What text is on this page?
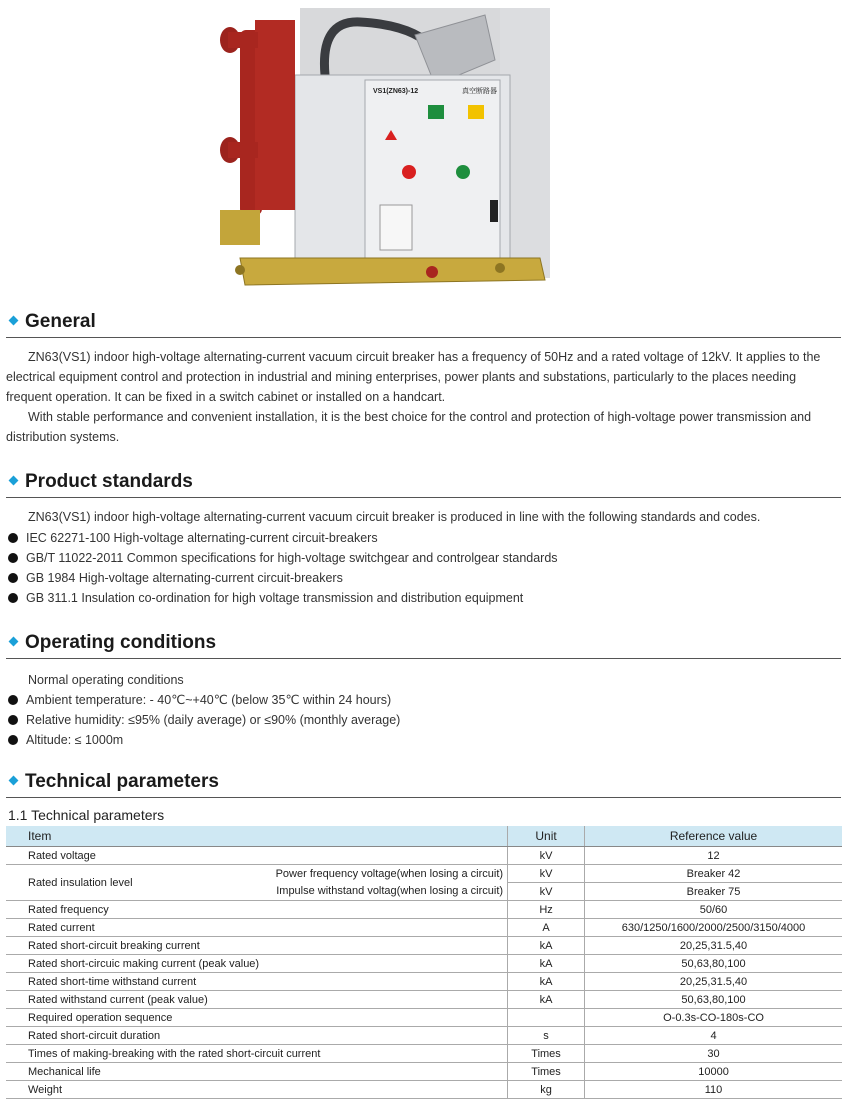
VS1(ZN63)-12	真空断路器
General

ZN63(VS1) indoor high-voltage alternating-current vacuum circuit breaker has a frequency of 50Hz and a rated voltage of 12kV. It applies to the electrical equipment control and protection in industrial and mining enterprises, power plants and substations, particularly to the places needing frequent operation. It can be fixed in a switch cabinet or installed on a handcart.

With stable performance and convenient installation, it is the best choice for the control and protection of high-voltage power transmission and distribution systems.

Product standards
ZN63(VS1) indoor high-voltage alternating-current vacuum circuit breaker is produced in line with the following standards and codes.
IEC 62271-100 High-voltage alternating-current circuit-breakers
GB/T 11022-2011 Common specifications for high-voltage switchgear and controlgear standards
GB 1984 High-voltage alternating-current circuit-breakers
GB 311.1 Insulation co-ordination for high voltage transmission and distribution equipment
Operating conditions
Normal operating conditions
Ambient temperature: - 40℃~+40℃ (below 35℃ within 24 hours)
Relative humidity: ≤95% (daily average) or ≤90% (monthly average)
Altitude: ≤ 1000m
Technical parameters
1.1 Technical parameters
Item		Unit	Reference value
Rated voltage		kV	12
Rated insulation level	Power frequency voltage(when losing a circuit)	kV	Breaker 42
	Impulse withstand voltag(when losing a circuit)	kV	Breaker 75
Rated frequency		Hz	50/60
Rated current		A	630/1250/1600/2000/2500/3150/4000
Rated short-circuit breaking current		kA	20,25,31.5,40
Rated short-circuic making current (peak value)		kA	50,63,80,100
Rated short-time withstand current		kA	20,25,31.5,40
Rated withstand current (peak value)		kA	50,63,80,100
Required operation sequence			O-0.3s-CO-180s-CO
Rated short-circuit duration		s	4
Times of making-breaking with the rated short-circuit current		Times	30
Mechanical life		Times	10000
Weight		kg	110
